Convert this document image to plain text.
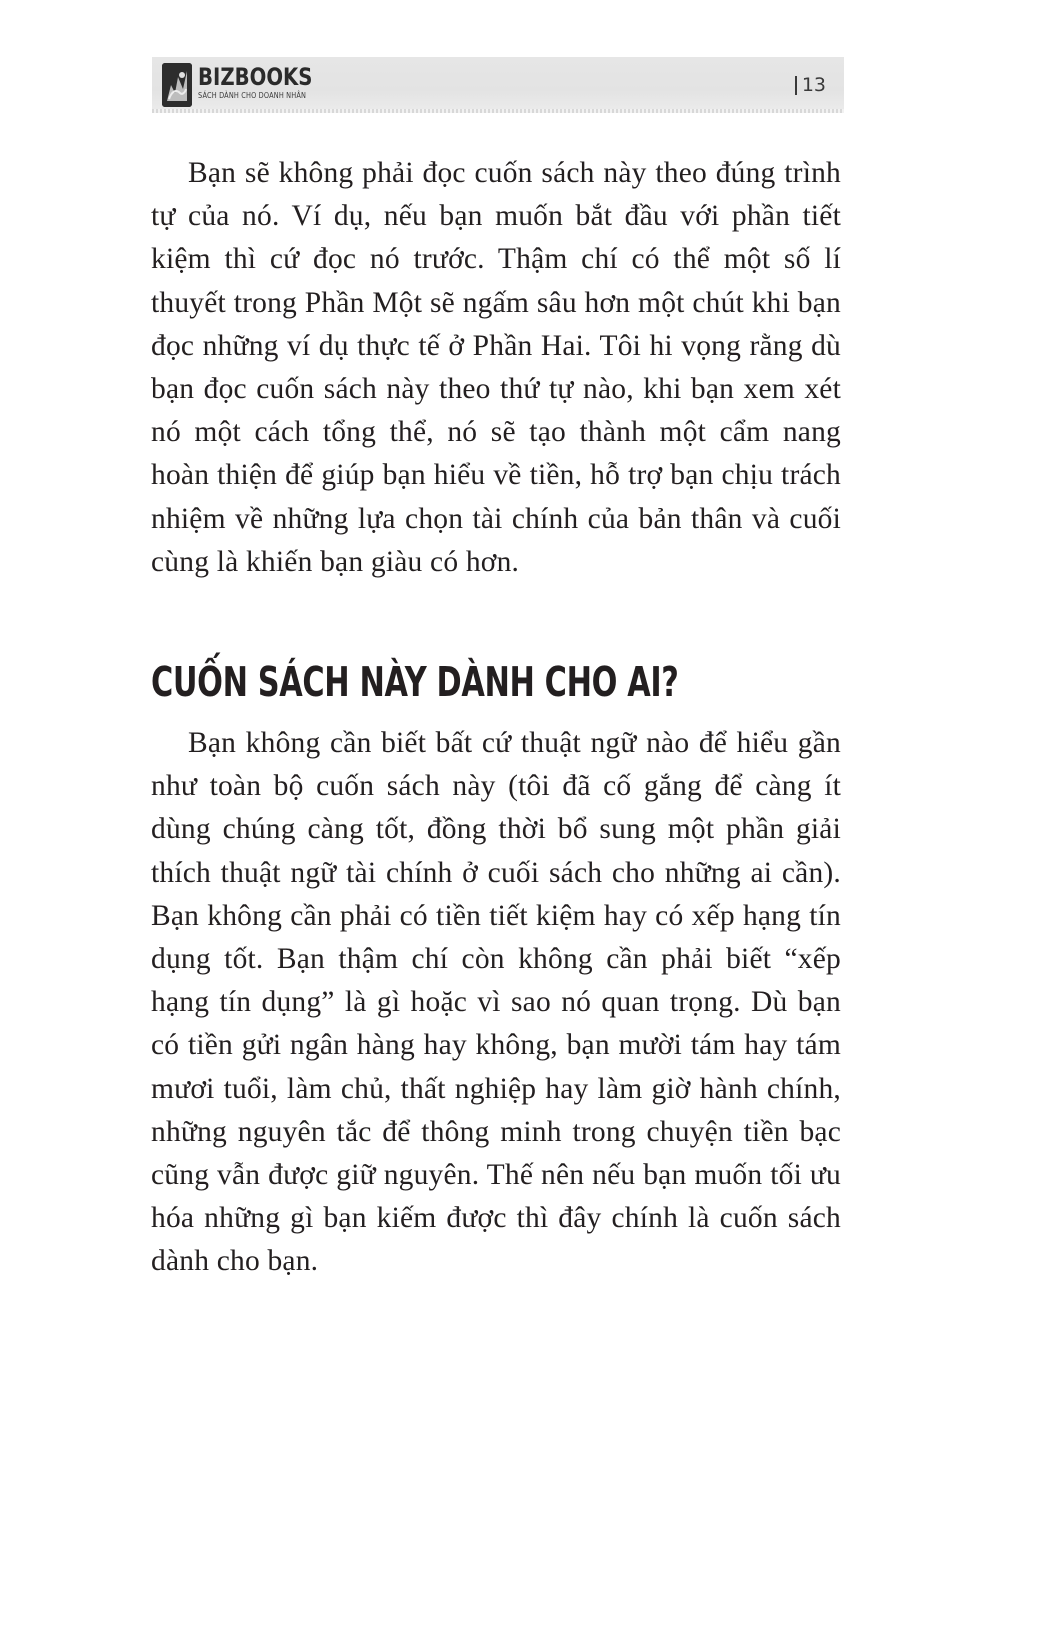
BIZBOOKS
SÁCH DÀNH CHO DOANH NHÂN	13

Bạn sẽ không phải đọc cuốn sách này theo đúng trình tự của nó. Ví dụ, nếu bạn muốn bắt đầu với phần tiết kiệm thì cứ đọc nó trước. Thậm chí có thể một số lí thuyết trong Phần Một sẽ ngấm sâu hơn một chút khi bạn đọc những ví dụ thực tế ở Phần Hai. Tôi hi vọng rằng dù bạn đọc cuốn sách này theo thứ tự nào, khi bạn xem xét nó một cách tổng thể, nó sẽ tạo thành một cẩm nang hoàn thiện để giúp bạn hiểu về tiền, hỗ trợ bạn chịu trách nhiệm về những lựa chọn tài chính của bản thân và cuối cùng là khiến bạn giàu có hơn.

CUỐN SÁCH NÀY DÀNH CHO AI?

Bạn không cần biết bất cứ thuật ngữ nào để hiểu gần như toàn bộ cuốn sách này (tôi đã cố gắng để càng ít dùng chúng càng tốt, đồng thời bổ sung một phần giải thích thuật ngữ tài chính ở cuối sách cho những ai cần). Bạn không cần phải có tiền tiết kiệm hay có xếp hạng tín dụng tốt. Bạn thậm chí còn không cần phải biết “xếp hạng tín dụng” là gì hoặc vì sao nó quan trọng. Dù bạn có tiền gửi ngân hàng hay không, bạn mười tám hay tám mươi tuổi, làm chủ, thất nghiệp hay làm giờ hành chính, những nguyên tắc để thông minh trong chuyện tiền bạc cũng vẫn được giữ nguyên. Thế nên nếu bạn muốn tối ưu hóa những gì bạn kiếm được thì đây chính là cuốn sách dành cho bạn.
